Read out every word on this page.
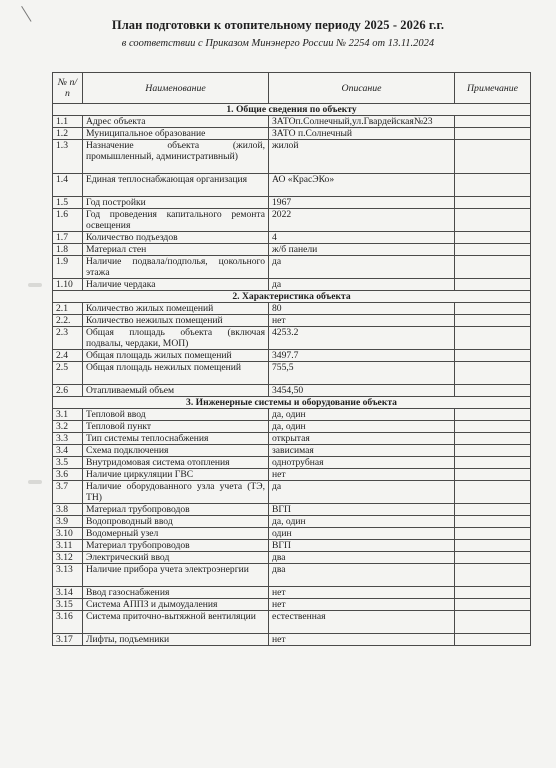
План подготовки к отопительному периоду 2025 - 2026 г.г.
в соответствии с Приказом Минэнерго России № 2254 от 13.11.2024
№ п/п	Наименование	Описание	Примечание
1. Общие сведения по объекту			
1.1	Адрес объекта	ЗАТОп.Солнечный,ул.Гвардейская№23	
1.2	Муниципальное образование	ЗАТО п.Солнечный	
1.3	Назначение объекта (жилой, промышленный, административный)	жилой	
1.4	Единая теплоснабжающая организация	АО «КрасЭКо»	
1.5	Год постройки	1967	
1.6	Год проведения капитального ремонта освещения	2022	
1.7	Количество подъездов	4	
1.8	Материал стен	ж/б панели	
1.9	Наличие подвала/подполья, цокольного этажа	да	
1.10	Наличие чердака	да	
2. Характеристика объекта			
2.1	Количество жилых помещений	80	
2.2.	Количество нежилых помещений	нет	
2.3	Общая площадь объекта (включая подвалы, чердаки, МОП)	4253.2	
2.4	Общая площадь жилых помещений	3497.7	
2.5	Общая площадь нежилых помещений	755,5	
2.6	Отапливаемый объем	3454,50	
3. Инженерные системы и оборудование объекта			
3.1	Тепловой ввод	да, один	
3.2	Тепловой пункт	да, один	
3.3	Тип системы теплоснабжения	открытая	
3.4	Схема подключения	зависимая	
3.5	Внутридомовая система отопления	однотрубная	
3.6	Наличие циркуляции ГВС	нет	
3.7	Наличие оборудованного узла учета (ТЭ, ТН)	да	
3.8	Материал трубопроводов	ВГП	
3.9	Водопроводный ввод	да, один	
3.10	Водомерный узел	один	
3.11	Материал трубопроводов	ВГП	
3.12	Электрический ввод	два	
3.13	Наличие прибора учета электроэнергии	два	
3.14	Ввод газоснабжения	нет	
3.15	Система АППЗ и дымоудаления	нет	
3.16	Система приточно-вытяжной вентиляции	естественная	
3.17	Лифты, подъемники	нет	
